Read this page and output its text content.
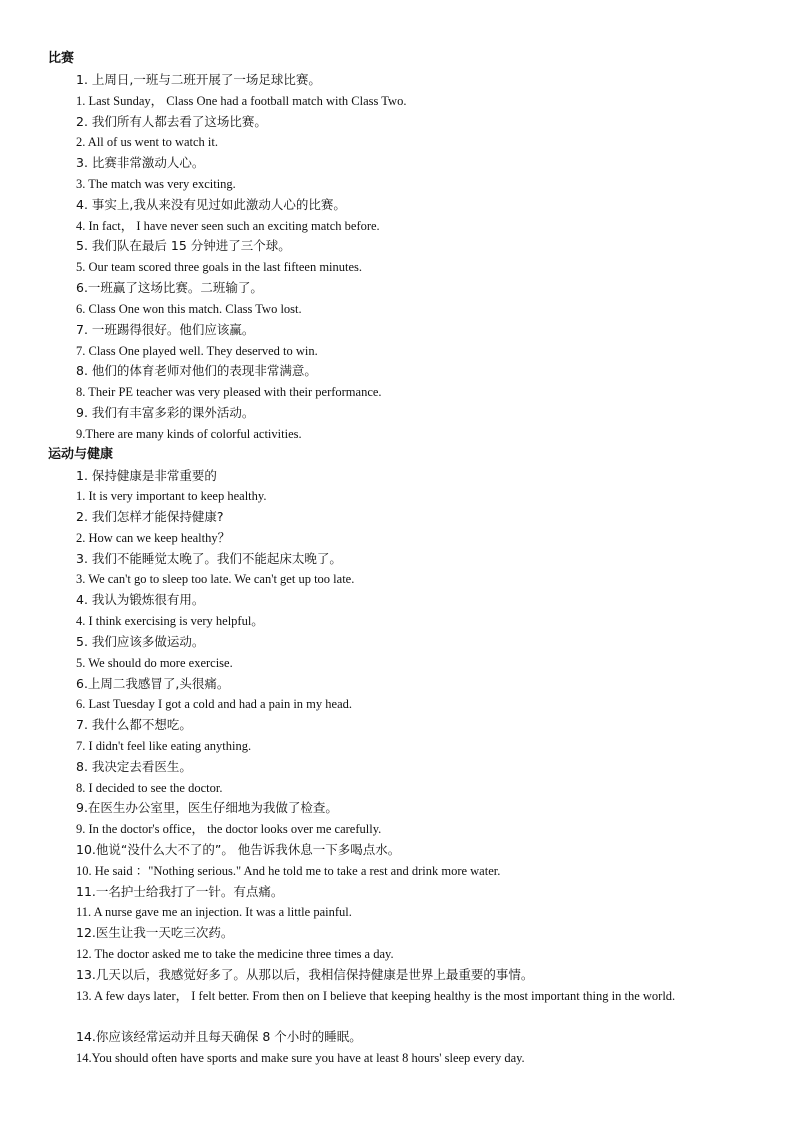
比赛
1. 上周日,一班与二班开展了一场足球比赛。
1. Last Sunday， Class One had a football match with Class Two.
2. 我们所有人都去看了这场比赛。
2. All of us went to watch it.
3. 比赛非常激动人心。
3. The match was very exciting.
4. 事实上,我从来没有见过如此激动人心的比赛。
4. In fact， I have never seen such an exciting match before.
5. 我们队在最后 15 分钟进了三个球。
5. Our team scored three goals in the last fifteen minutes.
6.一班赢了这场比赛。二班输了。
6. Class One won this match. Class Two lost.
7. 一班踢得很好。他们应该赢。
7. Class One played well. They deserved to win.
8. 他们的体育老师对他们的表现非常满意。
8. Their PE teacher was very pleased with their performance.
9. 我们有丰富多彩的课外活动。
9.There are many kinds of colorful activities.
运动与健康
1. 保持健康是非常重要的
1. It is very important to keep healthy.
2. 我们怎样才能保持健康?
2. How can we keep healthy？
3. 我们不能睡觉太晚了。我们不能起床太晚了。
3. We can't go to sleep too late. We can't get up too late.
4. 我认为锻炼很有用。
4. I think exercising is very helpful。
5. 我们应该多做运动。
5. We should do more exercise.
6.上周二我感冒了,头很痛。
6. Last Tuesday I got a cold and had a pain in my head.
7. 我什么都不想吃。
7. I didn't feel like eating anything.
8. 我决定去看医生。
8. I decided to see the doctor.
9.在医生办公室里，医生仔细地为我做了检查。
9. In the doctor's office， the doctor looks over me carefully.
10.他说“没什么大不了的”。 他告诉我休息一下多喝点水。
10. He said ："Nothing serious." And he told me to take a rest and drink more water.
11.一名护士给我打了一针。有点痛。
11. A nurse gave me an injection. It was a little painful.
12.医生让我一天吃三次药。
12. The doctor asked me to take the medicine three times a day.
13.几天以后，我感觉好多了。从那以后，我相信保持健康是世界上最重要的事情。
13. A few days later， I felt better. From then on I believe that keeping healthy is the most important thing in the world.
14.你应该经常运动并且每天确保 8 个小时的睡眠。
14.You should often have sports and make sure you have at least 8 hours' sleep every day.
